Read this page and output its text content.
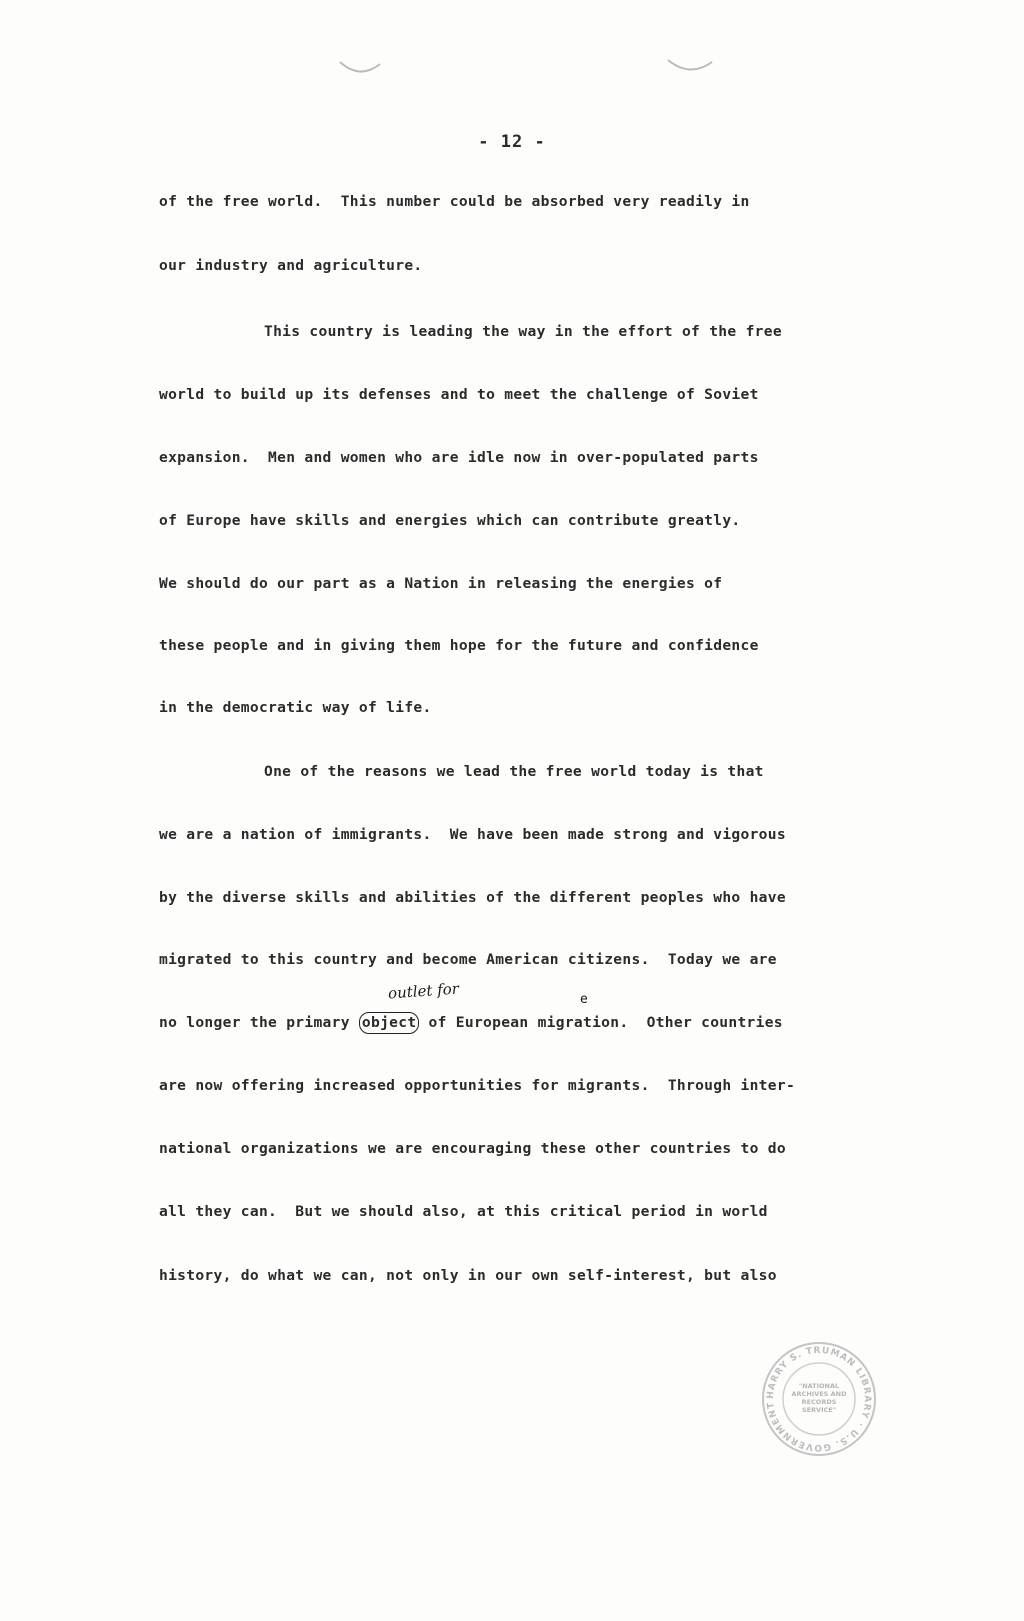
- 12 -
of the free world.  This number could be absorbed very readily in
our industry and agriculture.
This country is leading the way in the effort of the free
world to build up its defenses and to meet the challenge of Soviet
expansion.  Men and women who are idle now in over-populated parts
of Europe have skills and energies which can contribute greatly.
We should do our part as a Nation in releasing the energies of
these people and in giving them hope for the future and confidence
in the democratic way of life.
One of the reasons we lead the free world today is that
we are a nation of immigrants.  We have been made strong and vigorous
by the diverse skills and abilities of the different peoples who have
migrated to this country and become American citizens.  Today we are
outlet for	e
no longer the primary object of European migration.  Other countries
are now offering increased opportunities for migrants.  Through inter-
national organizations we are encouraging these other countries to do
all they can.  But we should also, at this critical period in world
history, do what we can, not only in our own self-interest, but also
HARRY S. TRUMAN LIBRARY · U.S. GOVERNMENT
"NATIONAL ARCHIVES AND RECORDS SERVICE"
